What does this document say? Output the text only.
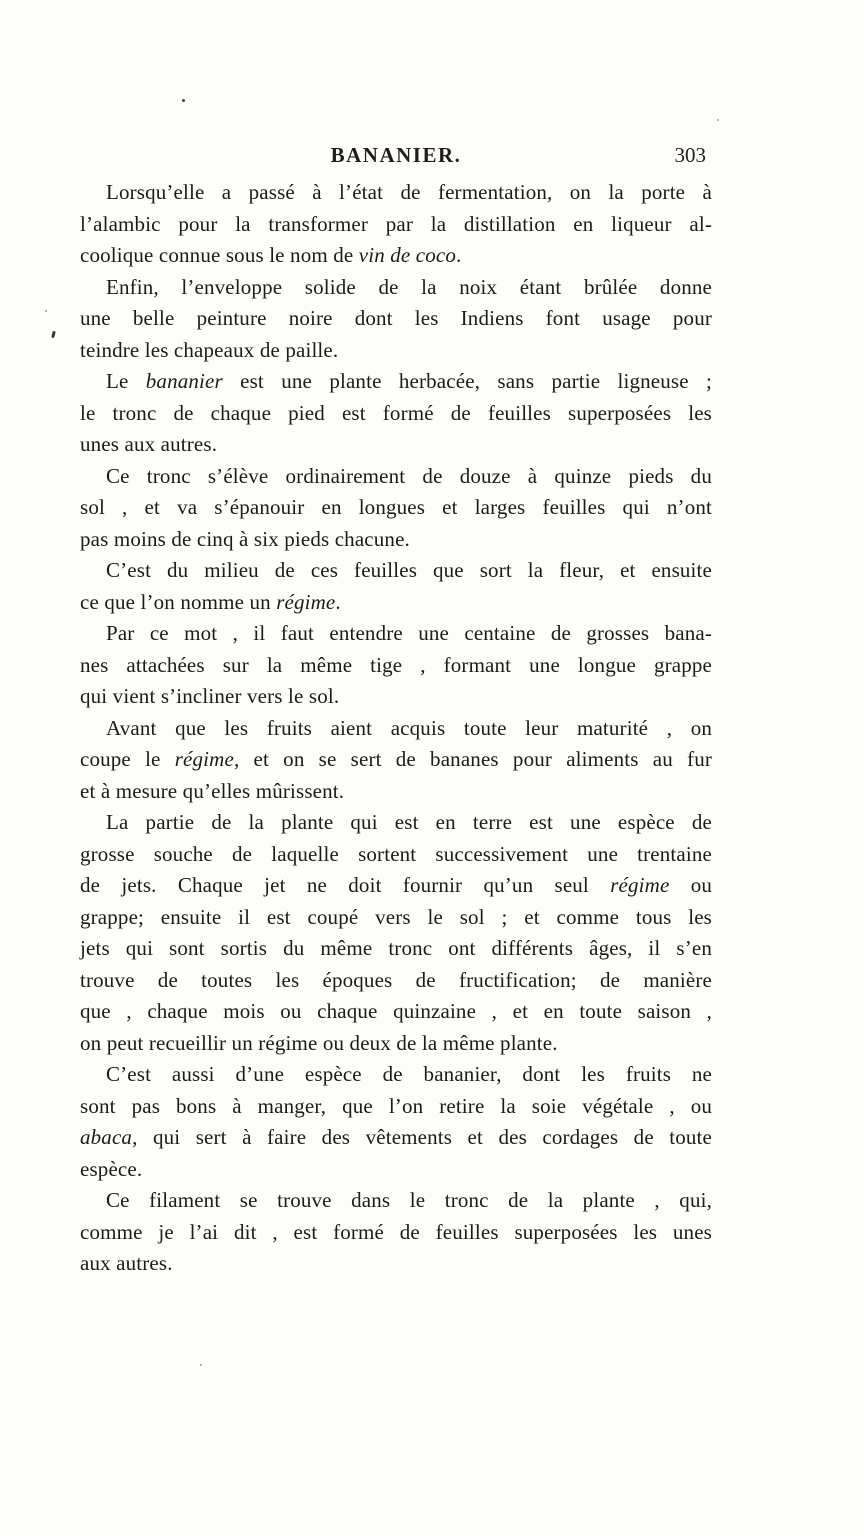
BANANIER.	303
Lorsqu’elle a passé à l’état de fermentation, on la porte à
l’alambic pour la transformer par la distillation en liqueur al-
coolique connue sous le nom de vin de coco.
Enfin, l’enveloppe solide de la noix étant brûlée donne
une belle peinture noire dont les Indiens font usage pour
teindre les chapeaux de paille.
Le bananier est une plante herbacée, sans partie ligneuse ;
le tronc de chaque pied est formé de feuilles superposées les
unes aux autres.
Ce tronc s’élève ordinairement de douze à quinze pieds du
sol , et va s’épanouir en longues et larges feuilles qui n’ont
pas moins de cinq à six pieds chacune.
C’est du milieu de ces feuilles que sort la fleur, et ensuite
ce que l’on nomme un régime.
Par ce mot , il faut entendre une centaine de grosses bana-
nes attachées sur la même tige , formant une longue grappe
qui vient s’incliner vers le sol.
Avant que les fruits aient acquis toute leur maturité , on
coupe le régime, et on se sert de bananes pour aliments au fur
et à mesure qu’elles mûrissent.
La partie de la plante qui est en terre est une espèce de
grosse souche de laquelle sortent successivement une trentaine
de jets. Chaque jet ne doit fournir qu’un seul régime ou
grappe; ensuite il est coupé vers le sol ; et comme tous les
jets qui sont sortis du même tronc ont différents âges, il s’en
trouve de toutes les époques de fructification; de manière
que , chaque mois ou chaque quinzaine , et en toute saison ,
on peut recueillir un régime ou deux de la même plante.
C’est aussi d’une espèce de bananier, dont les fruits ne
sont pas bons à manger, que l’on retire la soie végétale , ou
abaca, qui sert à faire des vêtements et des cordages de toute
espèce.
Ce filament se trouve dans le tronc de la plante , qui,
comme je l’ai dit , est formé de feuilles superposées les unes
aux autres.
